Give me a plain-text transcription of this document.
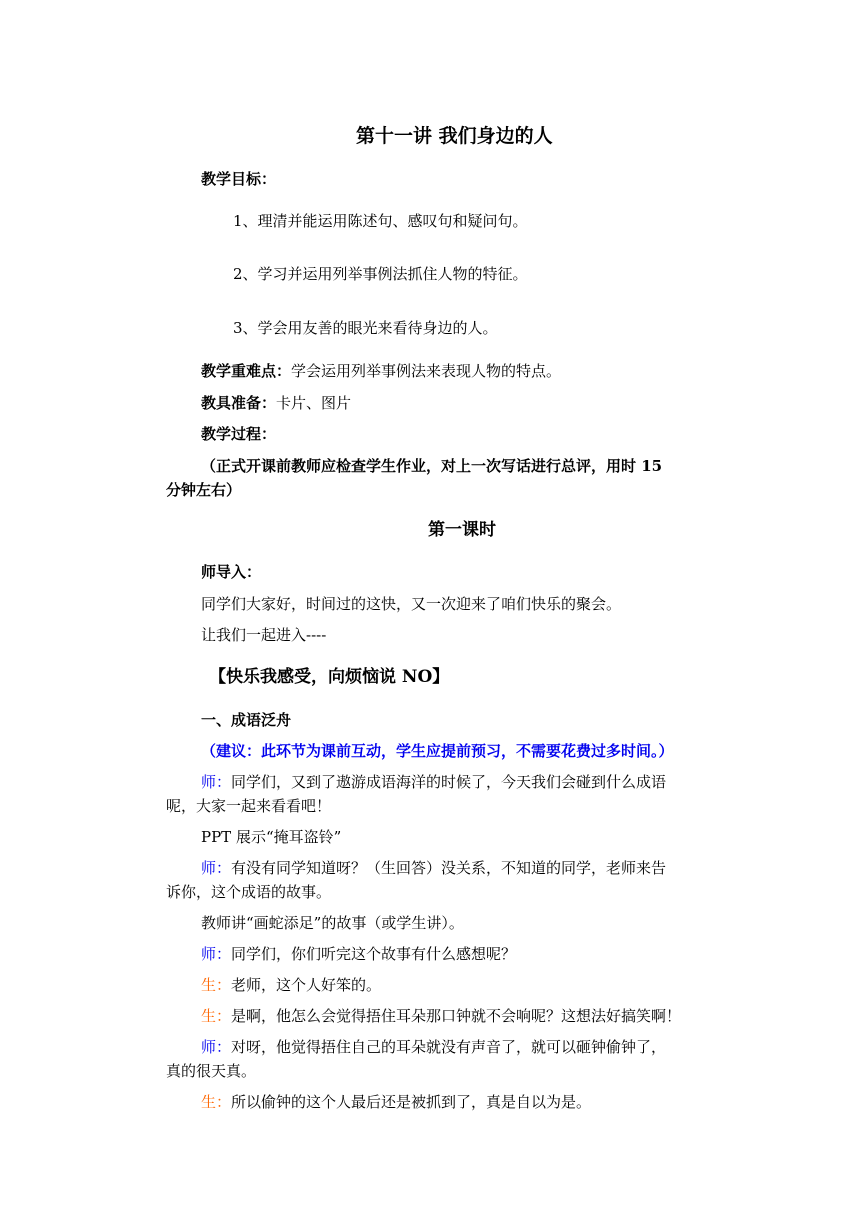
第十一讲 我们身边的人
教学目标：
1、理清并能运用陈述句、感叹句和疑问句。
2、学习并运用列举事例法抓住人物的特征。
3、学会用友善的眼光来看待身边的人。
教学重难点：学会运用列举事例法来表现人物的特点。
教具准备：卡片、图片
教学过程：
（正式开课前教师应检查学生作业，对上一次写话进行总评，用时 15
分钟左右）
第一课时
师导入：
同学们大家好，时间过的这快，又一次迎来了咱们快乐的聚会。
让我们一起进入----
【快乐我感受，向烦恼说 NO】
一、成语泛舟
（建议：此环节为课前互动，学生应提前预习，不需要花费过多时间。）
师：同学们，又到了遨游成语海洋的时候了，今天我们会碰到什么成语
呢，大家一起来看看吧！
PPT 展示“掩耳盗铃”
师：有没有同学知道呀？（生回答）没关系，不知道的同学，老师来告
诉你，这个成语的故事。
教师讲“画蛇添足”的故事（或学生讲）。
师：同学们，你们听完这个故事有什么感想呢？
生：老师，这个人好笨的。
生：是啊，他怎么会觉得捂住耳朵那口钟就不会响呢？这想法好搞笑啊！
师：对呀，他觉得捂住自己的耳朵就没有声音了，就可以砸钟偷钟了，
真的很天真。
生：所以偷钟的这个人最后还是被抓到了，真是自以为是。
